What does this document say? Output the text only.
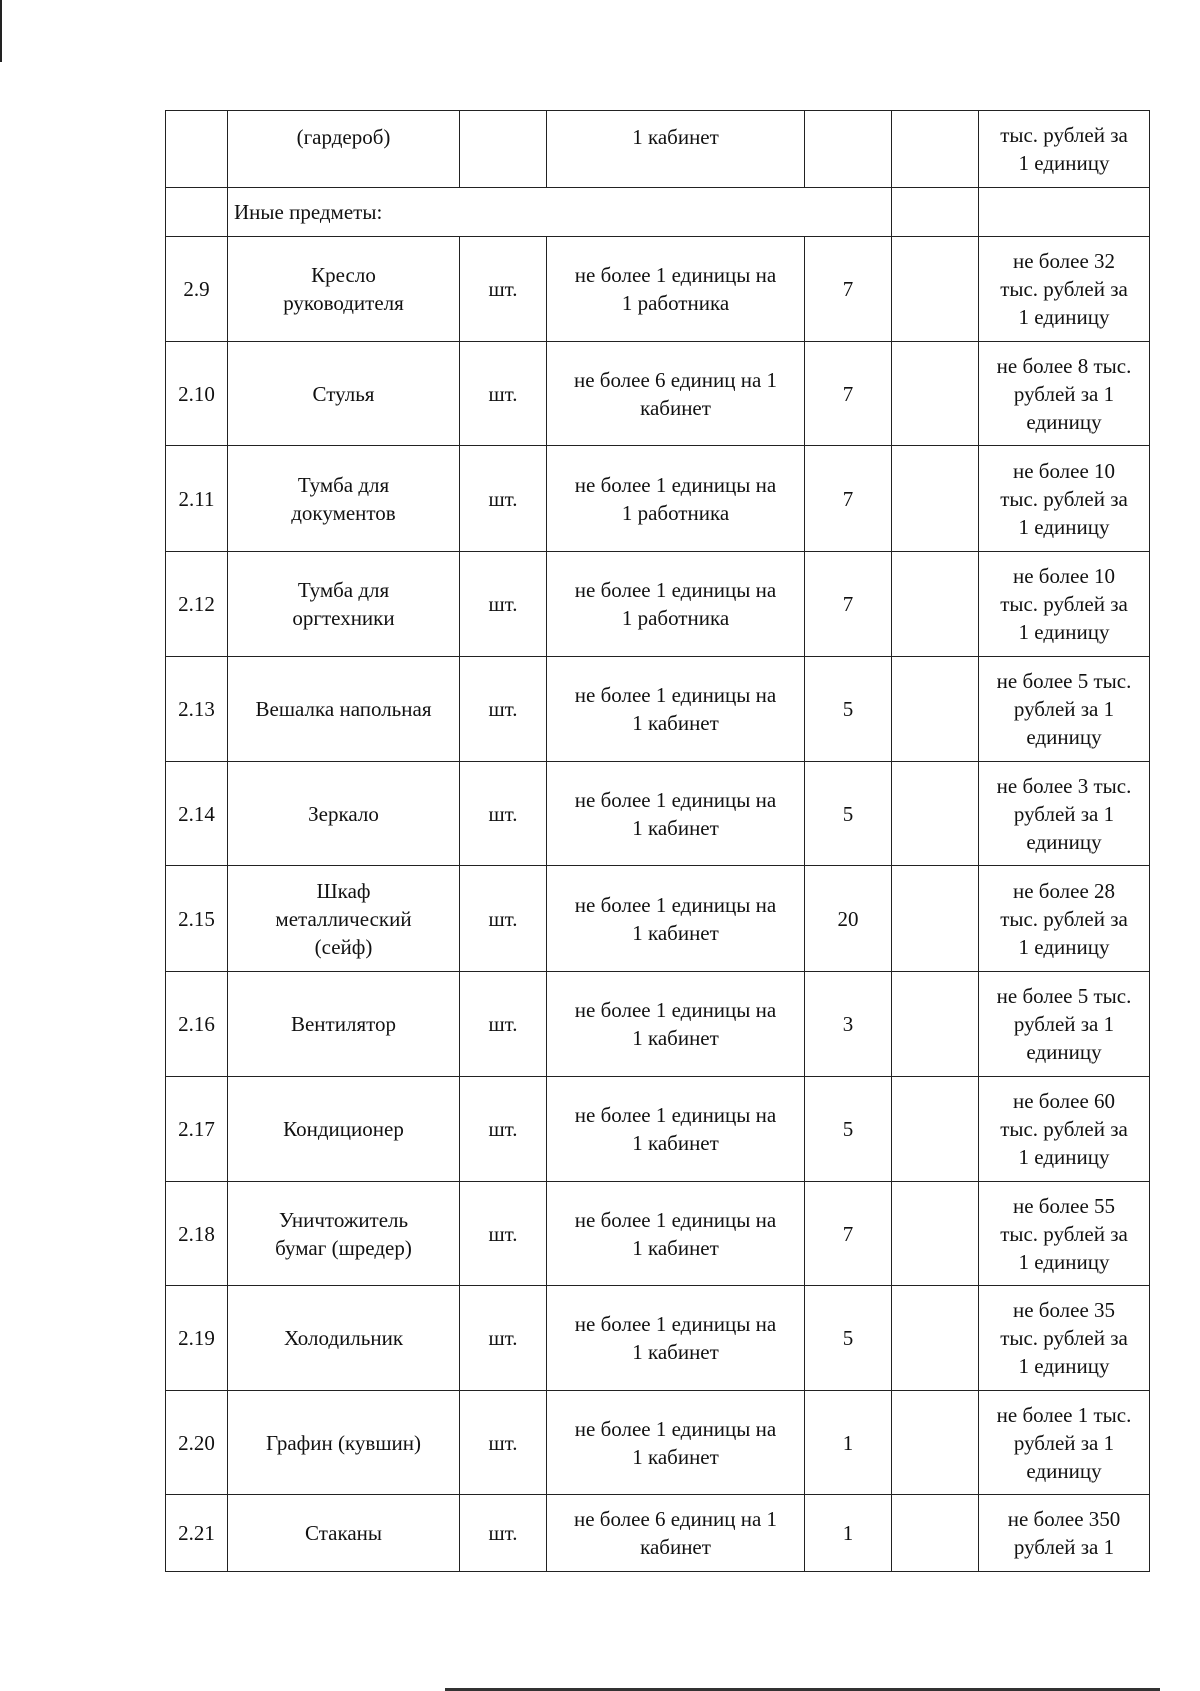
	(гардероб)		1 кабинет			тыс. рублей за
1 единицу
	Иные предметы:					
2.9	Кресло
руководителя	шт.	не более 1 единицы на
1 работника	7		не более 32
тыс. рублей за
1 единицу
2.10	Стулья	шт.	не более 6 единиц на 1
кабинет	7		не более 8 тыс.
рублей за 1
единицу
2.11	Тумба для
документов	шт.	не более 1 единицы на
1 работника	7		не более 10
тыс. рублей за
1 единицу
2.12	Тумба для
оргтехники	шт.	не более 1 единицы на
1 работника	7		не более 10
тыс. рублей за
1 единицу
2.13	Вешалка напольная	шт.	не более 1 единицы на
1 кабинет	5		не более 5 тыс.
рублей за 1
единицу
2.14	Зеркало	шт.	не более 1 единицы на
1 кабинет	5		не более 3 тыс.
рублей за 1
единицу
2.15	Шкаф
металлический
(сейф)	шт.	не более 1 единицы на
1 кабинет	20		не более 28
тыс. рублей за
1 единицу
2.16	Вентилятор	шт.	не более 1 единицы на
1 кабинет	3		не более 5 тыс.
рублей за 1
единицу
2.17	Кондиционер	шт.	не более 1 единицы на
1 кабинет	5		не более 60
тыс. рублей за
1 единицу
2.18	Уничтожитель
бумаг (шредер)	шт.	не более 1 единицы на
1 кабинет	7		не более 55
тыс. рублей за
1 единицу
2.19	Холодильник	шт.	не более 1 единицы на
1 кабинет	5		не более 35
тыс. рублей за
1 единицу
2.20	Графин (кувшин)	шт.	не более 1 единицы на
1 кабинет	1		не более 1 тыс.
рублей за 1
единицу
2.21	Стаканы	шт.	не более 6 единиц на 1
кабинет	1		не более 350
рублей за 1
